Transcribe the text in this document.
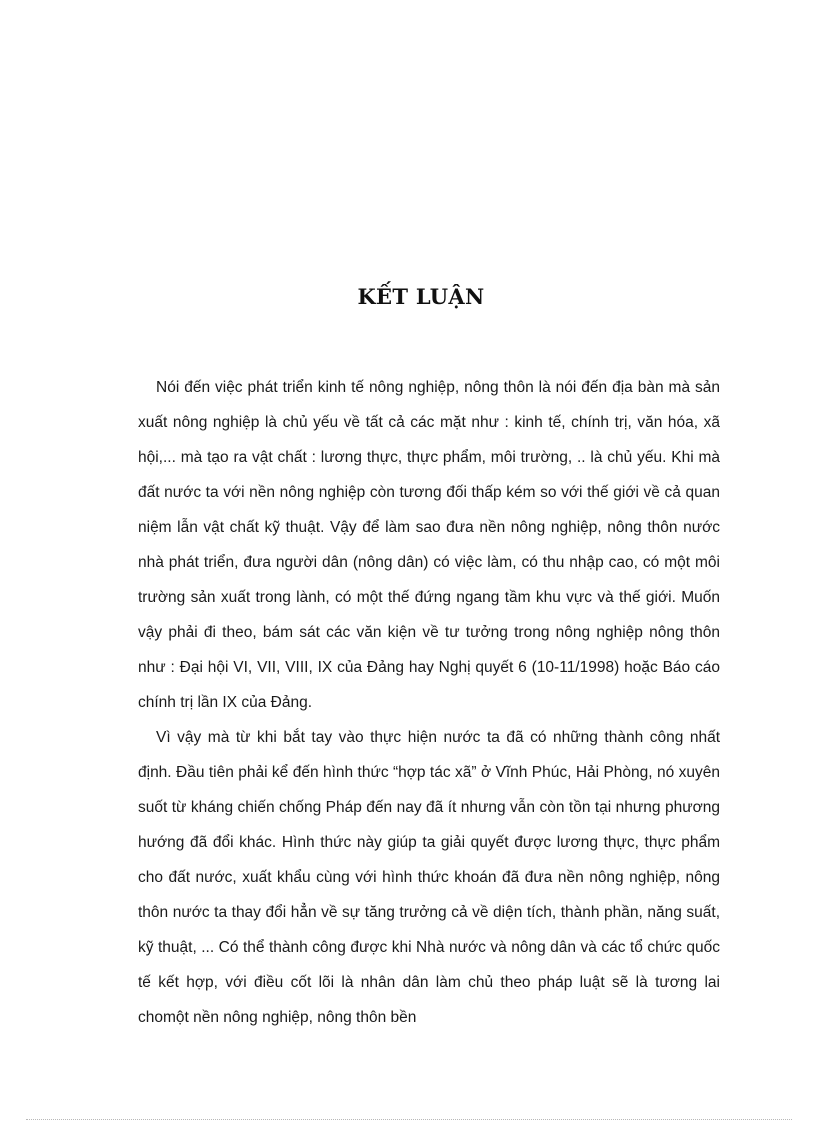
KẾT LUẬN

Nói đến việc phát triển kinh tế nông nghiệp, nông thôn là nói đến địa bàn mà sản xuất nông nghiệp là chủ yếu về tất cả các mặt như : kinh tế, chính trị, văn hóa, xã hội,... mà tạo ra vật chất : lương thực, thực phẩm, môi trường, .. là chủ yếu. Khi mà đất nước ta với nền nông nghiệp còn tương đối thấp kém so với thế giới về cả quan niệm lẫn vật chất kỹ thuật. Vậy để làm sao đưa nền nông nghiệp, nông thôn nước nhà phát triển, đưa người dân (nông dân) có việc làm, có thu nhập cao, có một môi trường sản xuất trong lành, có một thế đứng ngang tầm khu vực và thế giới. Muốn vậy phải đi theo, bám sát các văn kiện về tư tưởng trong nông nghiệp nông thôn như : Đại hội VI, VII, VIII, IX của Đảng hay Nghị quyết 6 (10-11/1998) hoặc Báo cáo chính trị lần IX của Đảng.

Vì vậy mà từ khi bắt tay vào thực hiện nước ta đã có những thành công nhất định. Đầu tiên phải kể đến hình thức “hợp tác xã” ở Vĩnh Phúc, Hải Phòng, nó xuyên suốt từ kháng chiến chống Pháp đến nay đã ít nhưng vẫn còn tồn tại nhưng phương hướng đã đổi khác. Hình thức này giúp ta giải quyết được lương thực, thực phẩm cho đất nước, xuất khẩu cùng với hình thức khoán đã đưa nền nông nghiệp, nông thôn nước ta thay đổi hẳn về sự tăng trưởng cả về diện tích, thành phần, năng suất, kỹ thuật, ... Có thể thành công được khi Nhà nước và nông dân và các tổ chức quốc tế kết hợp, với điều cốt lõi là nhân dân làm chủ theo pháp luật sẽ là tương lai chomột nền nông nghiệp, nông thôn bền
